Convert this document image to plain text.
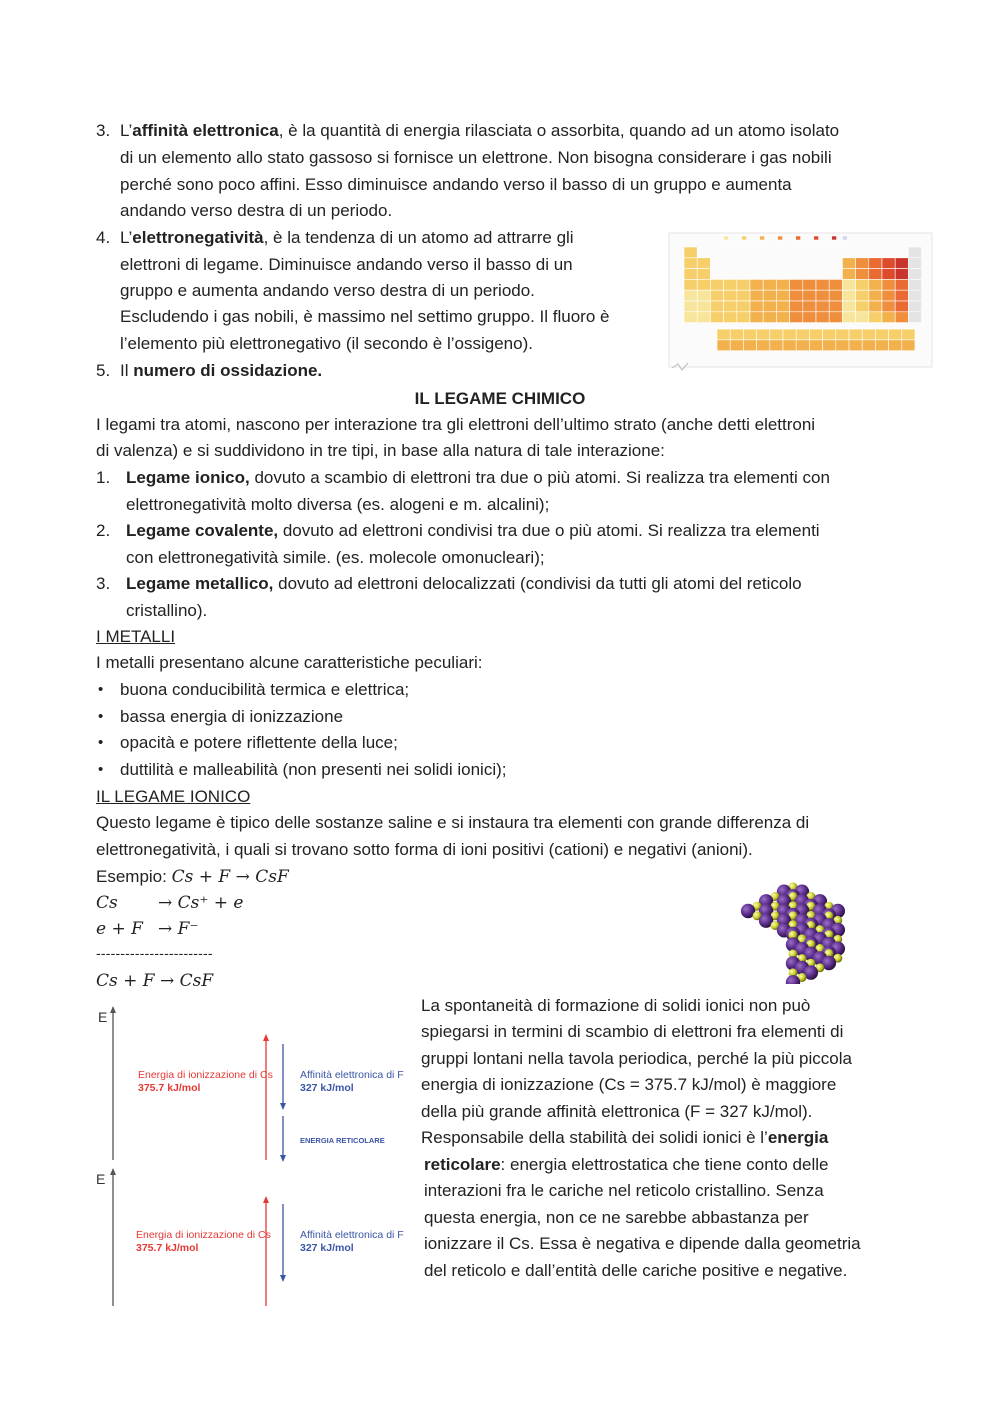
3. L’affinità elettronica, è la quantità di energia rilasciata o assorbita, quando ad un atomo isolato
di un elemento allo stato gassoso si fornisce un elettrone. Non bisogna considerare i gas nobili
perché sono poco affini. Esso diminuisce andando verso il basso di un gruppo e aumenta
andando verso destra di un periodo.
4. L’elettronegatività, è la tendenza di un atomo ad attrarre gli
elettroni di legame. Diminuisce andando verso il basso di un
gruppo e aumenta andando verso destra di un periodo.
Escludendo i gas nobili, è massimo nel settimo gruppo. Il fluoro è
l’elemento più elettronegativo (il secondo è l’ossigeno).
5. Il numero di ossidazione.
IL LEGAME CHIMICO
I legami tra atomi, nascono per interazione tra gli elettroni dell’ultimo strato (anche detti elettroni
di valenza) e si suddividono in tre tipi, in base alla natura di tale interazione:
1. Legame ionico, dovuto a scambio di elettroni tra due o più atomi. Si realizza tra elementi con
elettronegatività molto diversa (es. alogeni e m. alcalini);
2. Legame covalente, dovuto ad elettroni condivisi tra due o più atomi. Si realizza tra elementi
con elettronegatività simile. (es. molecole omonucleari);
3. Legame metallico, dovuto ad elettroni delocalizzati (condivisi da tutti gli atomi del reticolo
cristallino).
I METALLI
I metalli presentano alcune caratteristiche peculiari:
• buona conducibilità termica e elettrica;
• bassa energia di ionizzazione
• opacità e potere riflettente della luce;
• duttilità e malleabilità (non presenti nei solidi ionici);
IL LEGAME IONICO
Questo legame è tipico delle sostanze saline e si instaura tra elementi con grande differenza di
elettronegatività, i quali si trovano sotto forma di ioni positivi (cationi) e negativi (anioni).
Esempio: Cs + F → CsF
Cs → Cs⁺ + e
e + F → F⁻
------------------------
Cs + F → CsF
E
Energia di ionizzazione di Cs
375.7 kJ/mol
Affinità elettronica di F
327 kJ/mol
ENERGIA RETICOLARE
E
Energia di ionizzazione di Cs
375.7 kJ/mol
Affinità elettronica di F
327 kJ/mol
La spontaneità di formazione di solidi ionici non può
spiegarsi in termini di scambio di elettroni fra elementi di
gruppi lontani nella tavola periodica, perché la più piccola
energia di ionizzazione (Cs = 375.7 kJ/mol) è maggiore
della più grande affinità elettronica (F = 327 kJ/mol).
Responsabile della stabilità dei solidi ionici è l’energia
reticolare: energia elettrostatica che tiene conto delle
interazioni fra le cariche nel reticolo cristallino. Senza
questa energia, non ce ne sarebbe abbastanza per
ionizzare il Cs. Essa è negativa e dipende dalla geometria
del reticolo e dall’entità delle cariche positive e negative.
